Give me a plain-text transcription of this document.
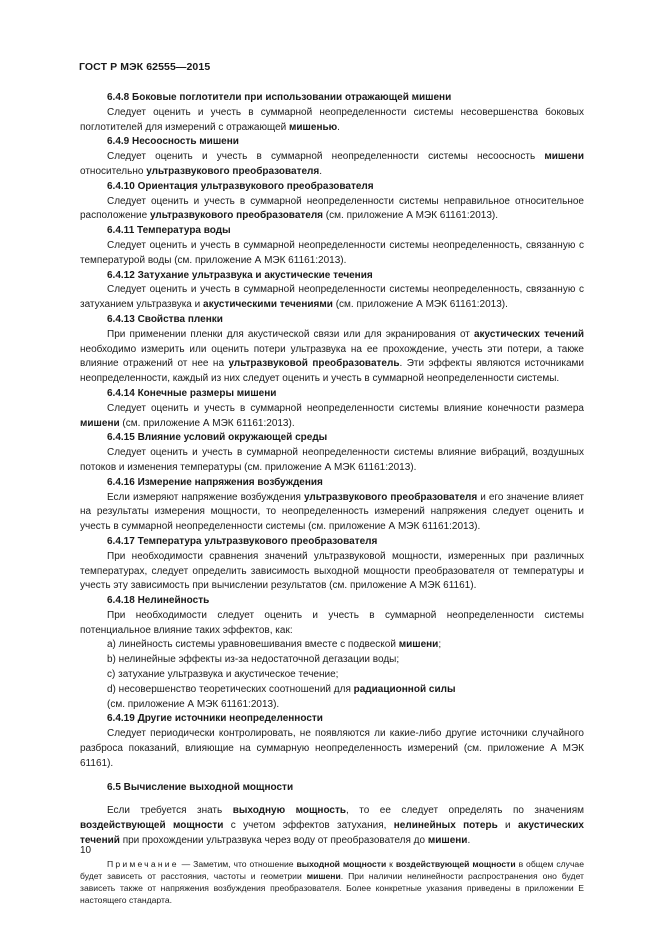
ГОСТ Р МЭК 62555—2015

6.4.8 Боковые поглотители при использовании отражающей мишени

Следует оценить и учесть в суммарной неопределенности системы несовершенства боковых поглотителей для измерений с отражающей мишенью.

6.4.9 Несоосность мишени

Следует оценить и учесть в суммарной неопределенности системы несоосность мишени относительно ультразвукового преобразователя.

6.4.10 Ориентация ультразвукового преобразователя

Следует оценить и учесть в суммарной неопределенности системы неправильное относительное расположение ультразвукового преобразователя (см. приложение А МЭК 61161:2013).

6.4.11 Температура воды

Следует оценить и учесть в суммарной неопределенности системы неопределенность, связанную с температурой воды (см. приложение А МЭК 61161:2013).

6.4.12 Затухание ультразвука и акустические течения

Следует оценить и учесть в суммарной неопределенности системы неопределенность, связанную с затуханием ультразвука и акустическими течениями (см. приложение А МЭК 61161:2013).

6.4.13 Свойства пленки

При применении пленки для акустической связи или для экранирования от акустических течений необходимо измерить или оценить потери ультразвука на ее прохождение, учесть эти потери, а также влияние отражений от нее на ультразвуковой преобразователь. Эти эффекты являются источниками неопределенности, каждый из них следует оценить и учесть в суммарной неопределенности системы.

6.4.14 Конечные размеры мишени

Следует оценить и учесть в суммарной неопределенности системы влияние конечности размера мишени (см. приложение А МЭК 61161:2013).

6.4.15 Влияние условий окружающей среды

Следует оценить и учесть в суммарной неопределенности системы влияние вибраций, воздушных потоков и изменения температуры (см. приложение А МЭК 61161:2013).

6.4.16 Измерение напряжения возбуждения

Если измеряют напряжение возбуждения ультразвукового преобразователя и его значение влияет на результаты измерения мощности, то неопределенность измерений напряжения следует оценить и учесть в суммарной неопределенности системы (см. приложение А МЭК 61161:2013).

6.4.17 Температура ультразвукового преобразователя

При необходимости сравнения значений ультразвуковой мощности, измеренных при различных температурах, следует определить зависимость выходной мощности преобразователя от температуры и учесть эту зависимость при вычислении результатов (см. приложение А МЭК 61161).

6.4.18 Нелинейность

При необходимости следует оценить и учесть в суммарной неопределенности системы потенциальное влияние таких эффектов, как:

а) линейность системы уравновешивания вместе с подвеской мишени;

b) нелинейные эффекты из-за недостаточной дегазации воды;

c) затухание ультразвука и акустическое течение;

d) несовершенство теоретических соотношений для радиационной силы

(см. приложение А МЭК 61161:2013).

6.4.19 Другие источники неопределенности

Следует периодически контролировать, не появляются ли какие-либо другие источники случайного разброса показаний, влияющие на суммарную неопределенность измерений (см. приложение А МЭК 61161).

6.5 Вычисление выходной мощности

Если требуется знать выходную мощность, то ее следует определять по значениям воздействующей мощности с учетом эффектов затухания, нелинейных потерь и акустических течений при прохождении ультразвука через воду от преобразователя до мишени.

Примечание — Заметим, что отношение выходной мощности к воздействующей мощности в общем случае будет зависеть от расстояния, частоты и геометрии мишени. При наличии нелинейности распространения оно будет зависеть также от напряжения возбуждения преобразователя. Более конкретные указания приведены в приложении Е настоящего стандарта.

10
